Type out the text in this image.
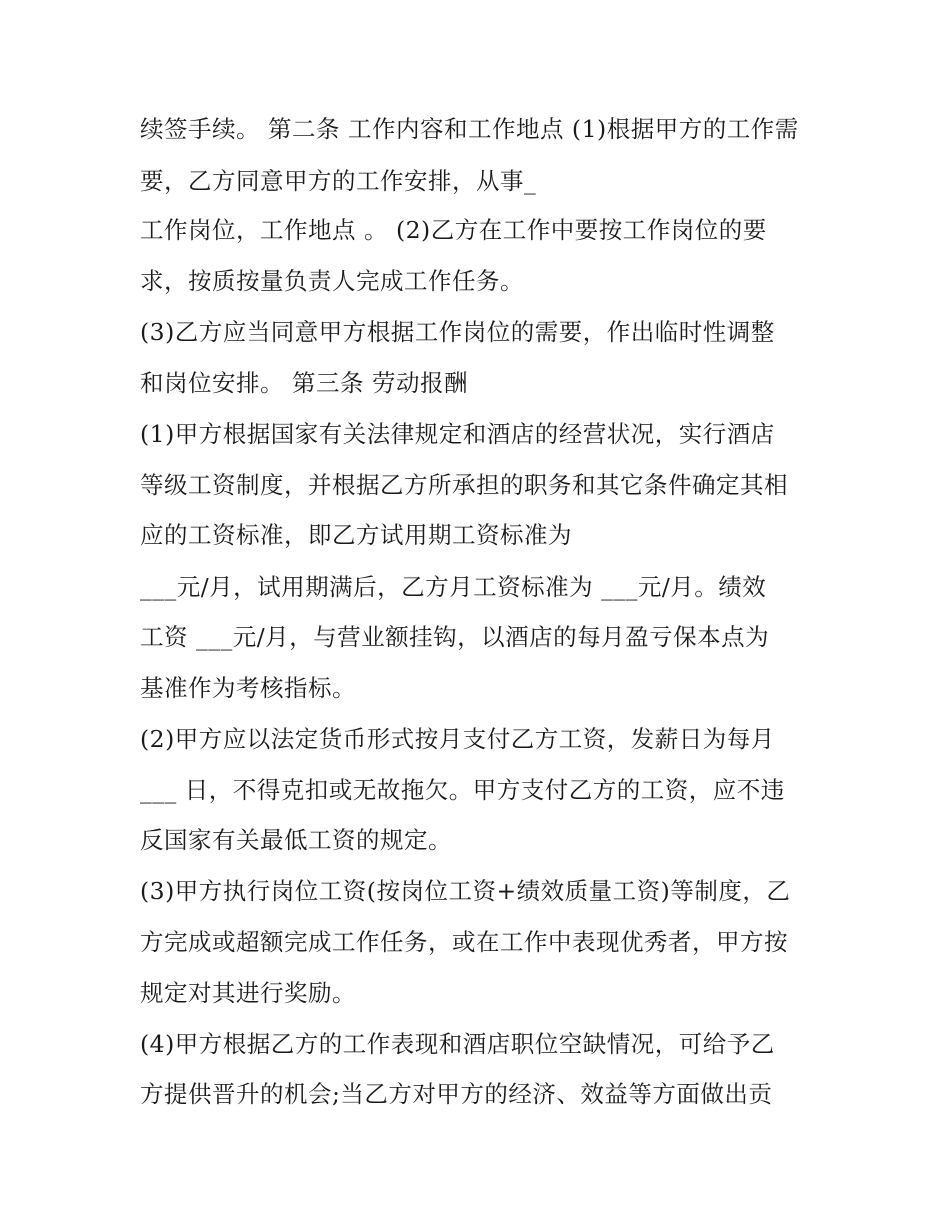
续签手续。 第二条 工作内容和工作地点 (1)根据甲方的工作需
要，乙方同意甲方的工作安排，从事_
工作岗位，工作地点 。 (2)乙方在工作中要按工作岗位的要
求，按质按量负责人完成工作任务。
(3)乙方应当同意甲方根据工作岗位的需要，作出临时性调整
和岗位安排。 第三条 劳动报酬
(1)甲方根据国家有关法律规定和酒店的经营状况，实行酒店
等级工资制度，并根据乙方所承担的职务和其它条件确定其相
应的工资标准，即乙方试用期工资标准为
___元/月，试用期满后，乙方月工资标准为 ___元/月。绩效
工资 ___元/月，与营业额挂钩，以酒店的每月盈亏保本点为
基准作为考核指标。
(2)甲方应以法定货币形式按月支付乙方工资，发薪日为每月
___ 日，不得克扣或无故拖欠。甲方支付乙方的工资，应不违
反国家有关最低工资的规定。
(3)甲方执行岗位工资(按岗位工资+绩效质量工资)等制度，乙
方完成或超额完成工作任务，或在工作中表现优秀者，甲方按
规定对其进行奖励。
(4)甲方根据乙方的工作表现和酒店职位空缺情况，可给予乙
方提供晋升的机会;当乙方对甲方的经济、效益等方面做出贡
